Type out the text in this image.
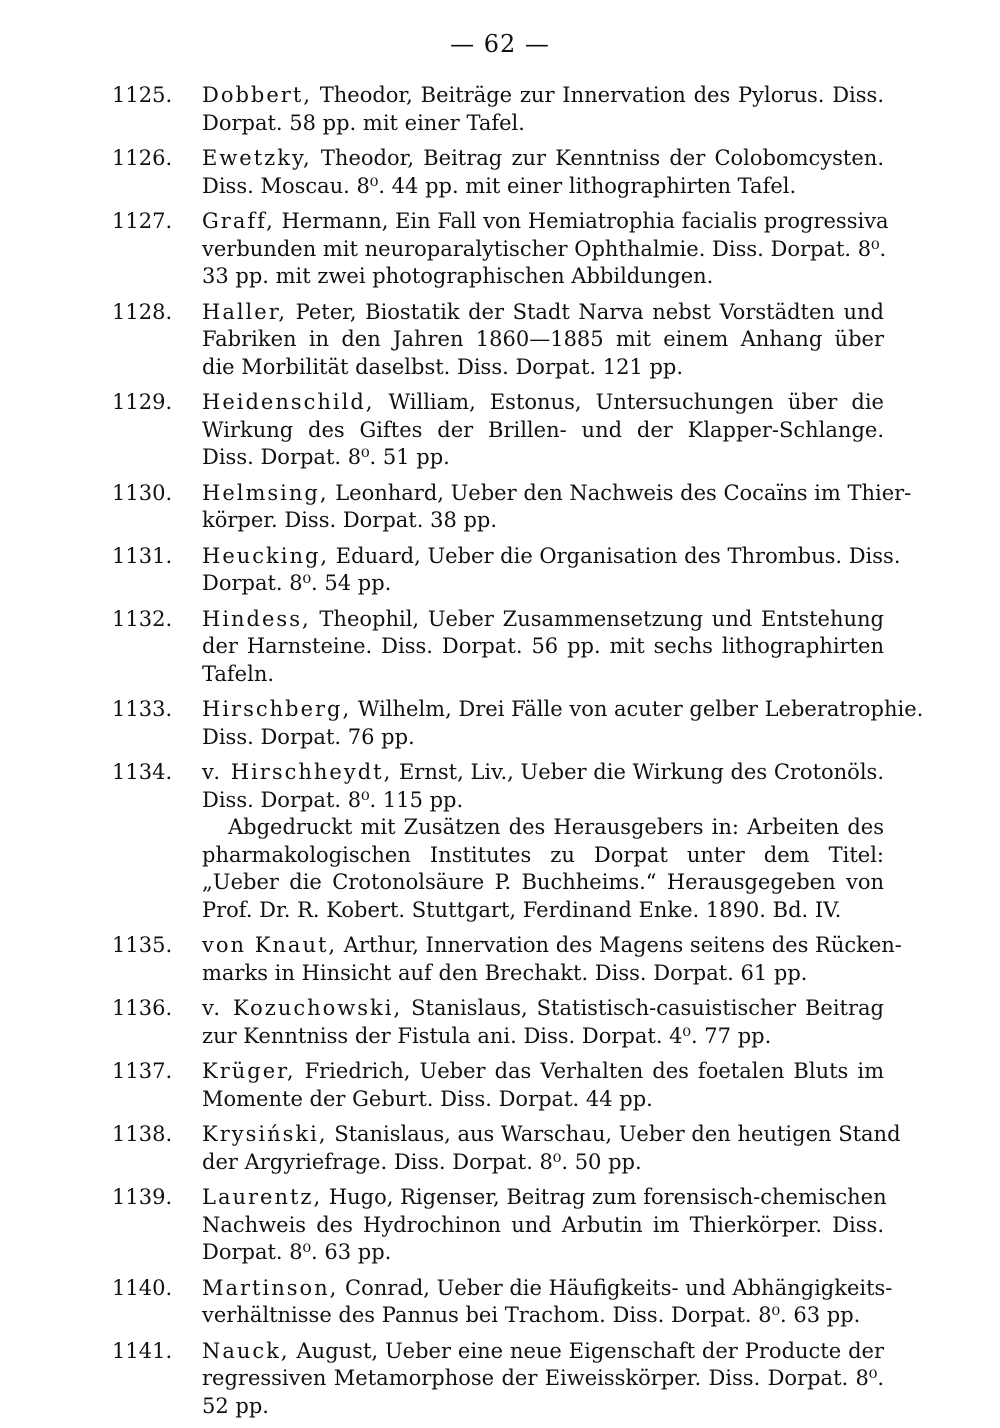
— 62 —
1125.	Dobbert, Theodor, Beiträge zur Innervation des Pylorus. Diss.
Dorpat. 58 pp. mit einer Tafel.
1126.	Ewetzky, Theodor, Beitrag zur Kenntniss der Colobomcysten.
Diss. Moscau. 8⁰. 44 pp. mit einer lithographirten Tafel.
1127.	Graff, Hermann, Ein Fall von Hemiatrophia facialis progressiva
verbunden mit neuroparalytischer Ophthalmie. Diss. Dorpat. 8⁰.
33 pp. mit zwei photographischen Abbildungen.
1128.	Haller, Peter, Biostatik der Stadt Narva nebst Vorstädten und
Fabriken in den Jahren 1860—1885 mit einem Anhang über
die Morbilität daselbst. Diss. Dorpat. 121 pp.
1129.	Heidenschild, William, Estonus, Untersuchungen über die
Wirkung des Giftes der Brillen- und der Klapper-Schlange.
Diss. Dorpat. 8⁰. 51 pp.
1130.	Helmsing, Leonhard, Ueber den Nachweis des Cocaïns im Thier-
körper. Diss. Dorpat. 38 pp.
1131.	Heucking, Eduard, Ueber die Organisation des Thrombus. Diss.
Dorpat. 8⁰. 54 pp.
1132.	Hindess, Theophil, Ueber Zusammensetzung und Entstehung
der Harnsteine. Diss. Dorpat. 56 pp. mit sechs lithographirten
Tafeln.
1133.	Hirschberg, Wilhelm, Drei Fälle von acuter gelber Leberatrophie.
Diss. Dorpat. 76 pp.
1134.	v. Hirschheydt, Ernst, Liv., Ueber die Wirkung des Crotonöls.
Diss. Dorpat. 8⁰. 115 pp.
Abgedruckt mit Zusätzen des Herausgebers in: Arbeiten des pharmakologischen Institutes zu Dorpat unter dem Titel: „Ueber die Crotonolsäure P. Buchheims.“ Herausgegeben von Prof. Dr. R. Kobert. Stuttgart, Ferdinand Enke. 1890. Bd. IV.
1135.	von Knaut, Arthur, Innervation des Magens seitens des Rücken-
marks in Hinsicht auf den Brechakt. Diss. Dorpat. 61 pp.
1136.	v. Kozuchowski, Stanislaus, Statistisch-casuistischer Beitrag
zur Kenntniss der Fistula ani. Diss. Dorpat. 4⁰. 77 pp.
1137.	Krüger, Friedrich, Ueber das Verhalten des foetalen Bluts im
Momente der Geburt. Diss. Dorpat. 44 pp.
1138.	Krysiński, Stanislaus, aus Warschau, Ueber den heutigen Stand
der Argyriefrage. Diss. Dorpat. 8⁰. 50 pp.
1139.	Laurentz, Hugo, Rigenser, Beitrag zum forensisch-chemischen
Nachweis des Hydrochinon und Arbutin im Thierkörper. Diss.
Dorpat. 8⁰. 63 pp.
1140.	Martinson, Conrad, Ueber die Häufigkeits- und Abhängigkeits-
verhältnisse des Pannus bei Trachom. Diss. Dorpat. 8⁰. 63 pp.
1141.	Nauck, August, Ueber eine neue Eigenschaft der Producte der
regressiven Metamorphose der Eiweisskörper. Diss. Dorpat. 8⁰.
52 pp.
